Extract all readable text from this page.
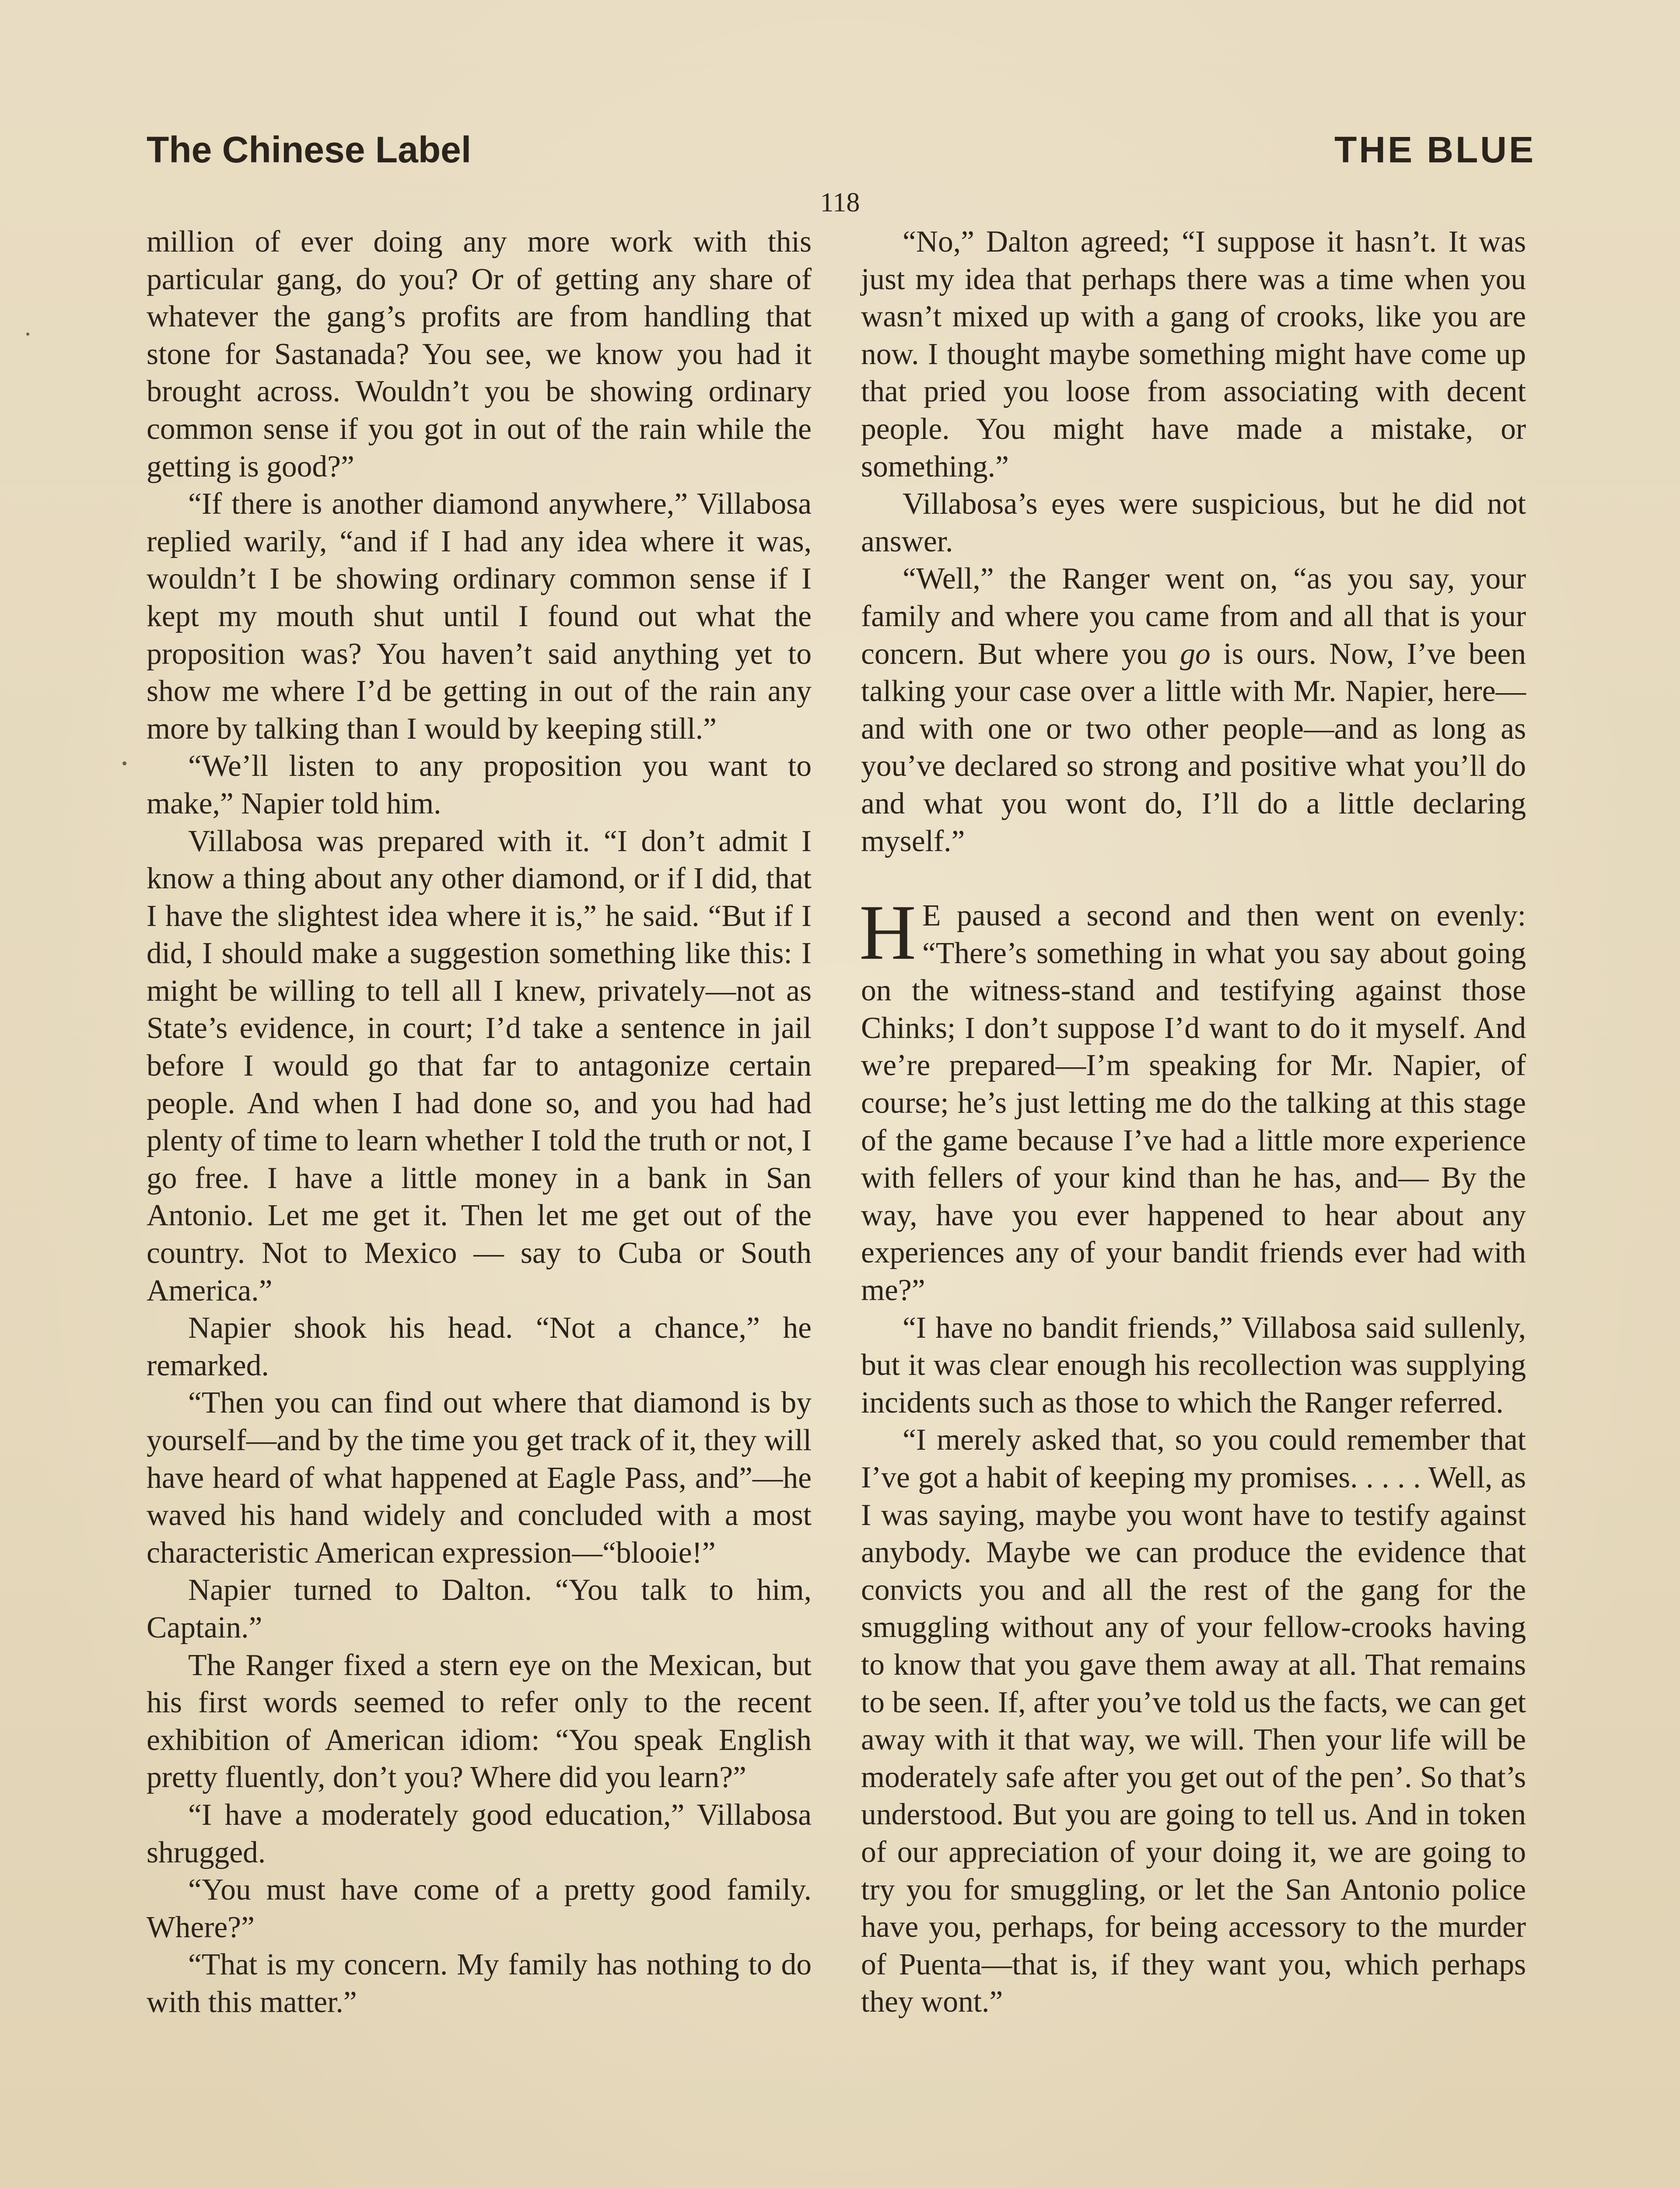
The Chinese Label	THE BLUE
118

million of ever doing any more work with this particular gang, do you? Or of getting any share of whatever the gang’s profits are from handling that stone for Sastanada? You see, we know you had it brought across. Wouldn’t you be showing ordinary common sense if you got in out of the rain while the getting is good?”

“If there is another diamond anywhere,” Villabosa replied warily, “and if I had any idea where it was, wouldn’t I be showing ordinary common sense if I kept my mouth shut until I found out what the proposition was? You haven’t said anything yet to show me where I’d be getting in out of the rain any more by talking than I would by keeping still.”

“We’ll listen to any proposition you want to make,” Napier told him.

Villabosa was prepared with it. “I don’t admit I know a thing about any other diamond, or if I did, that I have the slightest idea where it is,” he said. “But if I did, I should make a suggestion something like this: I might be willing to tell all I knew, privately—not as State’s evidence, in court; I’d take a sentence in jail before I would go that far to antagonize certain people. And when I had done so, and you had had plenty of time to learn whether I told the truth or not, I go free. I have a little money in a bank in San Antonio. Let me get it. Then let me get out of the country. Not to Mexico — say to Cuba or South America.”

Napier shook his head. “Not a chance,” he remarked.

“Then you can find out where that diamond is by yourself—and by the time you get track of it, they will have heard of what happened at Eagle Pass, and”—he waved his hand widely and concluded with a most characteristic American expression—“blooie!”

Napier turned to Dalton. “You talk to him, Captain.”

The Ranger fixed a stern eye on the Mexican, but his first words seemed to refer only to the recent exhibition of American idiom: “You speak English pretty fluently, don’t you? Where did you learn?”

“I have a moderately good education,” Villabosa shrugged.

“You must have come of a pretty good family. Where?”

“That is my concern. My family has nothing to do with this matter.”

“No,” Dalton agreed; “I suppose it hasn’t. It was just my idea that perhaps there was a time when you wasn’t mixed up with a gang of crooks, like you are now. I thought maybe something might have come up that pried you loose from associating with decent people. You might have made a mistake, or something.”

Villabosa’s eyes were suspicious, but he did not answer.

“Well,” the Ranger went on, “as you say, your family and where you came from and all that is your concern. But where you go is ours. Now, I’ve been talking your case over a little with Mr. Napier, here—and with one or two other people—and as long as you’ve declared so strong and positive what you’ll do and what you wont do, I’ll do a little declaring myself.”

H E paused a second and then went on evenly: “There’s something in what you say about going on the witness-stand and testifying against those Chinks; I don’t suppose I’d want to do it myself. And we’re prepared—I’m speaking for Mr. Napier, of course; he’s just letting me do the talking at this stage of the game because I’ve had a little more experience with fellers of your kind than he has, and— By the way, have you ever happened to hear about any experiences any of your bandit friends ever had with me?”

“I have no bandit friends,” Villabosa said sullenly, but it was clear enough his recollection was supplying incidents such as those to which the Ranger referred.

“I merely asked that, so you could remember that I’ve got a habit of keeping my promises. . . . . Well, as I was saying, maybe you wont have to testify against anybody. Maybe we can produce the evidence that convicts you and all the rest of the gang for the smuggling without any of your fellow-crooks having to know that you gave them away at all. That remains to be seen. If, after you’ve told us the facts, we can get away with it that way, we will. Then your life will be moderately safe after you get out of the pen’. So that’s understood. But you are going to tell us. And in token of our appreciation of your doing it, we are going to try you for smuggling, or let the San Antonio police have you, perhaps, for being accessory to the murder of Puenta—that is, if they want you, which perhaps they wont.”
